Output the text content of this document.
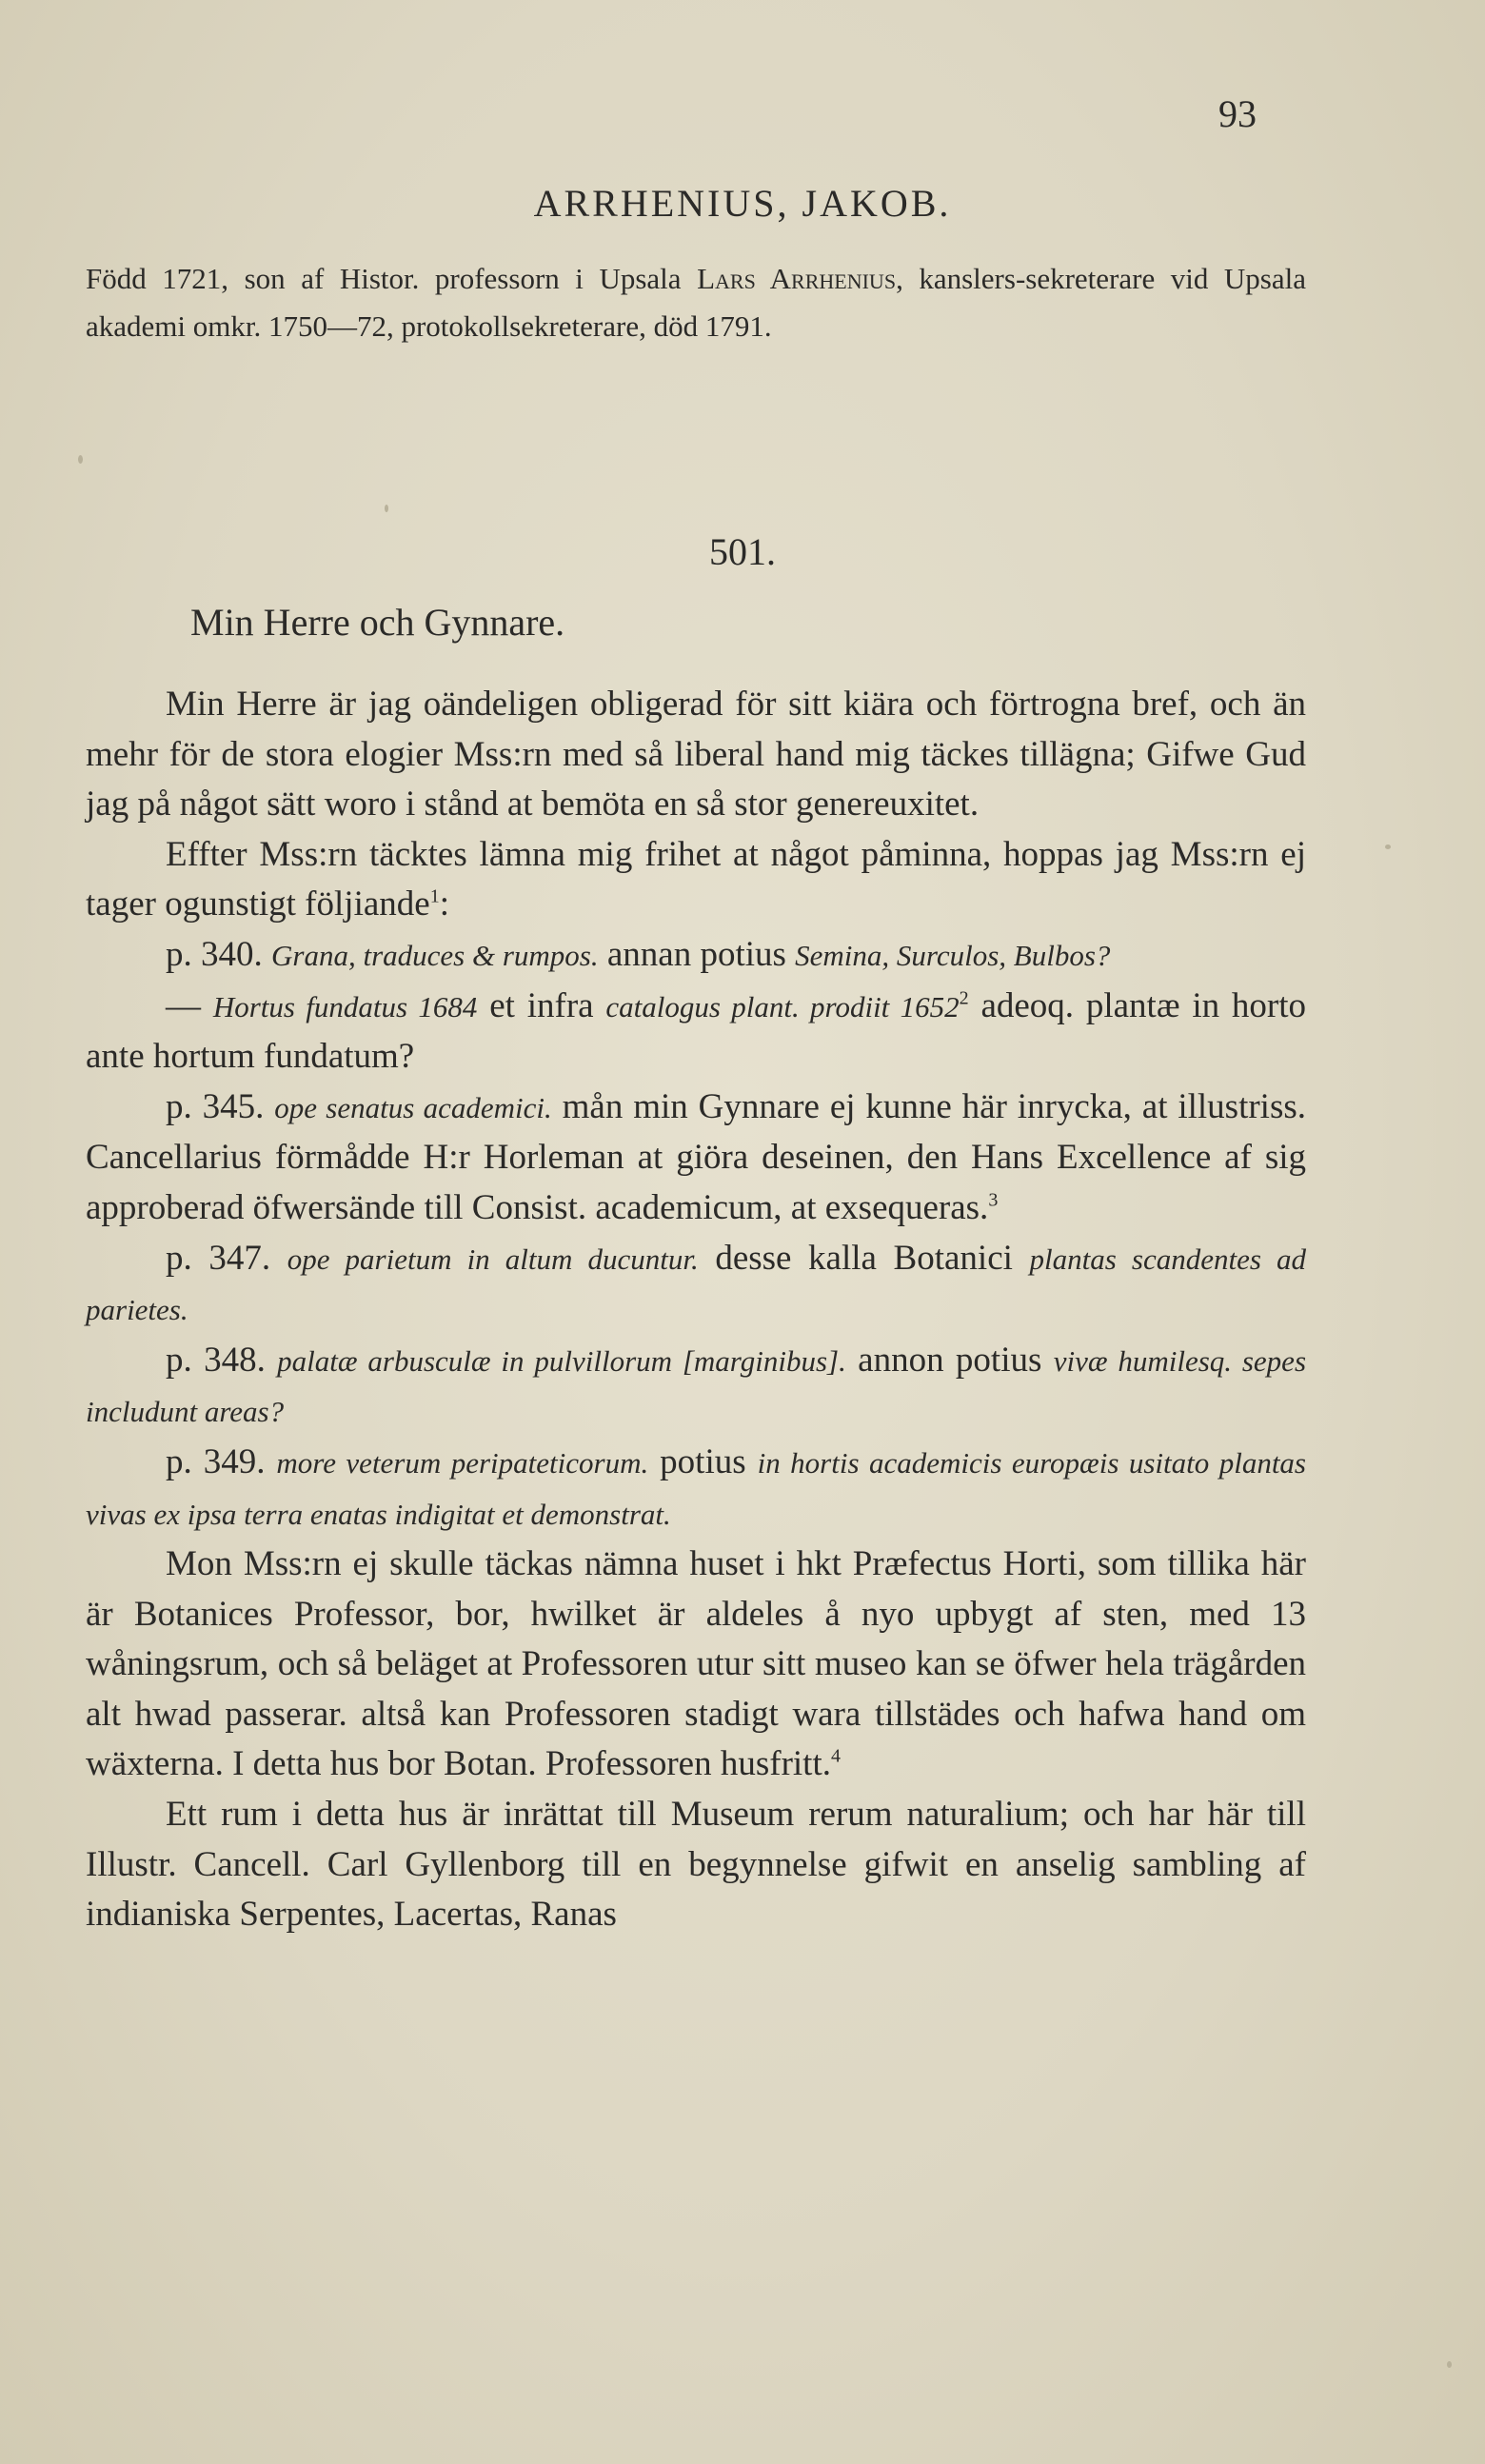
93
ARRHENIUS, JAKOB.
Född 1721, son af Histor. professorn i Upsala Lars Arrhenius, kanslers-sekreterare vid Upsala akademi omkr. 1750—72, protokollsekreterare, död 1791.
501.
Min Herre och Gynnare.

Min Herre är jag oändeligen obligerad för sitt kiära och förtrogna bref, och än mehr för de stora elogier Mss:rn med så liberal hand mig täckes tillägna; Gifwe Gud jag på något sätt woro i stånd at bemöta en så stor genereuxitet.

Effter Mss:rn täcktes lämna mig frihet at något påminna, hoppas jag Mss:rn ej tager ogunstigt följiande$^1$:

p. 340. Grana, traduces & rumpos. annan potius Semina, Surculos, Bulbos?

— Hortus fundatus 1684 et infra catalogus plant. prodiit 1652$^2$ adeoq. plantæ in horto ante hortum fundatum?

p. 345. ope senatus academici. mån min Gynnare ej kunne här inrycka, at illustriss. Cancellarius förmådde H:r Horleman at giöra deseinen, den Hans Excellence af sig approberad öfwersände till Consist. academicum, at exsequeras.$^3$

p. 347. ope parietum in altum ducuntur. desse kalla Botanici plantas scandentes ad parietes.

p. 348. palatæ arbusculæ in pulvillorum [marginibus]. annon potius vivæ humilesq. sepes includunt areas?

p. 349. more veterum peripateticorum. potius in hortis academicis europæis usitato plantas vivas ex ipsa terra enatas indigitat et demonstrat.

Mon Mss:rn ej skulle täckas nämna huset i hkt Præfectus Horti, som tillika här är Botanices Professor, bor, hwilket är aldeles å nyo upbygt af sten, med 13 wåningsrum, och så beläget at Professoren utur sitt museo kan se öfwer hela trägården alt hwad passerar. altså kan Professoren stadigt wara tillstädes och hafwa hand om wäxterna. I detta hus bor Botan. Professoren husfritt.$^4$

Ett rum i detta hus är inrättat till Museum rerum naturalium; och har här till Illustr. Cancell. Carl Gyllenborg till en begynnelse gifwit en anselig sambling af indianiska Serpentes, Lacertas, Ranas
